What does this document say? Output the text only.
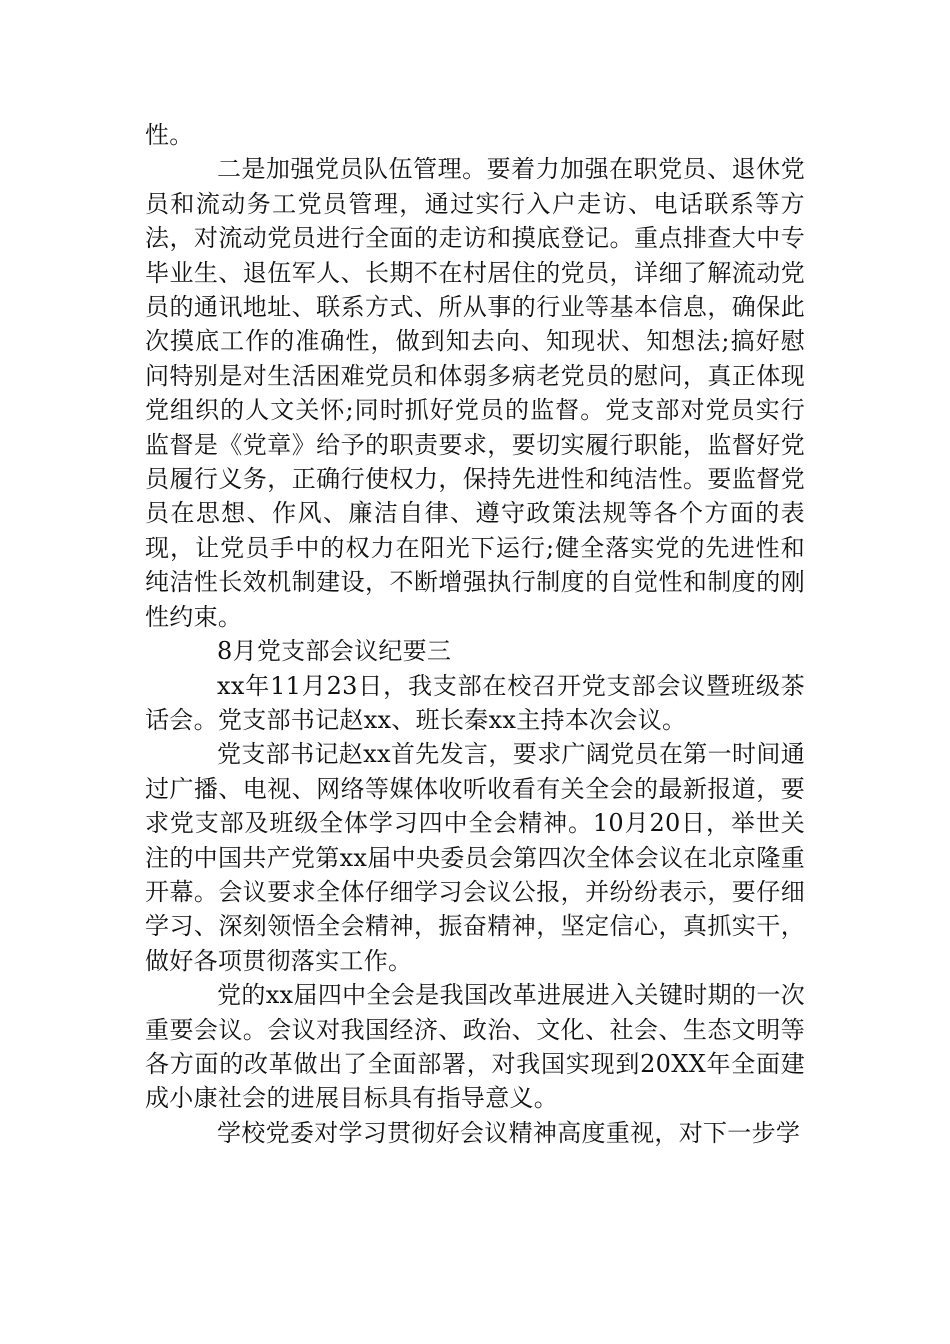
性。

二是加强党员队伍管理。要着力加强在职党员、退休党员和流动务工党员管理，通过实行入户走访、电话联系等方法，对流动党员进行全面的走访和摸底登记。重点排查大中专毕业生、退伍军人、长期不在村居住的党员，详细了解流动党员的通讯地址、联系方式、所从事的行业等基本信息，确保此次摸底工作的准确性，做到知去向、知现状、知想法;搞好慰问特别是对生活困难党员和体弱多病老党员的慰问，真正体现党组织的人文关怀;同时抓好党员的监督。党支部对党员实行监督是《党章》给予的职责要求，要切实履行职能，监督好党员履行义务，正确行使权力，保持先进性和纯洁性。要监督党员在思想、作风、廉洁自律、遵守政策法规等各个方面的表现，让党员手中的权力在阳光下运行;健全落实党的先进性和纯洁性长效机制建设，不断增强执行制度的自觉性和制度的刚性约束。

8月党支部会议纪要三

xx年11月23日，我支部在校召开党支部会议暨班级茶话会。党支部书记赵xx、班长秦xx主持本次会议。

党支部书记赵xx首先发言，要求广阔党员在第一时间通过广播、电视、网络等媒体收听收看有关全会的最新报道，要求党支部及班级全体学习四中全会精神。10月20日，举世关注的中国共产党第xx届中央委员会第四次全体会议在北京隆重开幕。会议要求全体仔细学习会议公报，并纷纷表示，要仔细学习、深刻领悟全会精神，振奋精神，坚定信心，真抓实干，做好各项贯彻落实工作。

党的xx届四中全会是我国改革进展进入关键时期的一次重要会议。会议对我国经济、政治、文化、社会、生态文明等各方面的改革做出了全面部署，对我国实现到20XX年全面建成小康社会的进展目标具有指导意义。

学校党委对学习贯彻好会议精神高度重视，对下一步学
